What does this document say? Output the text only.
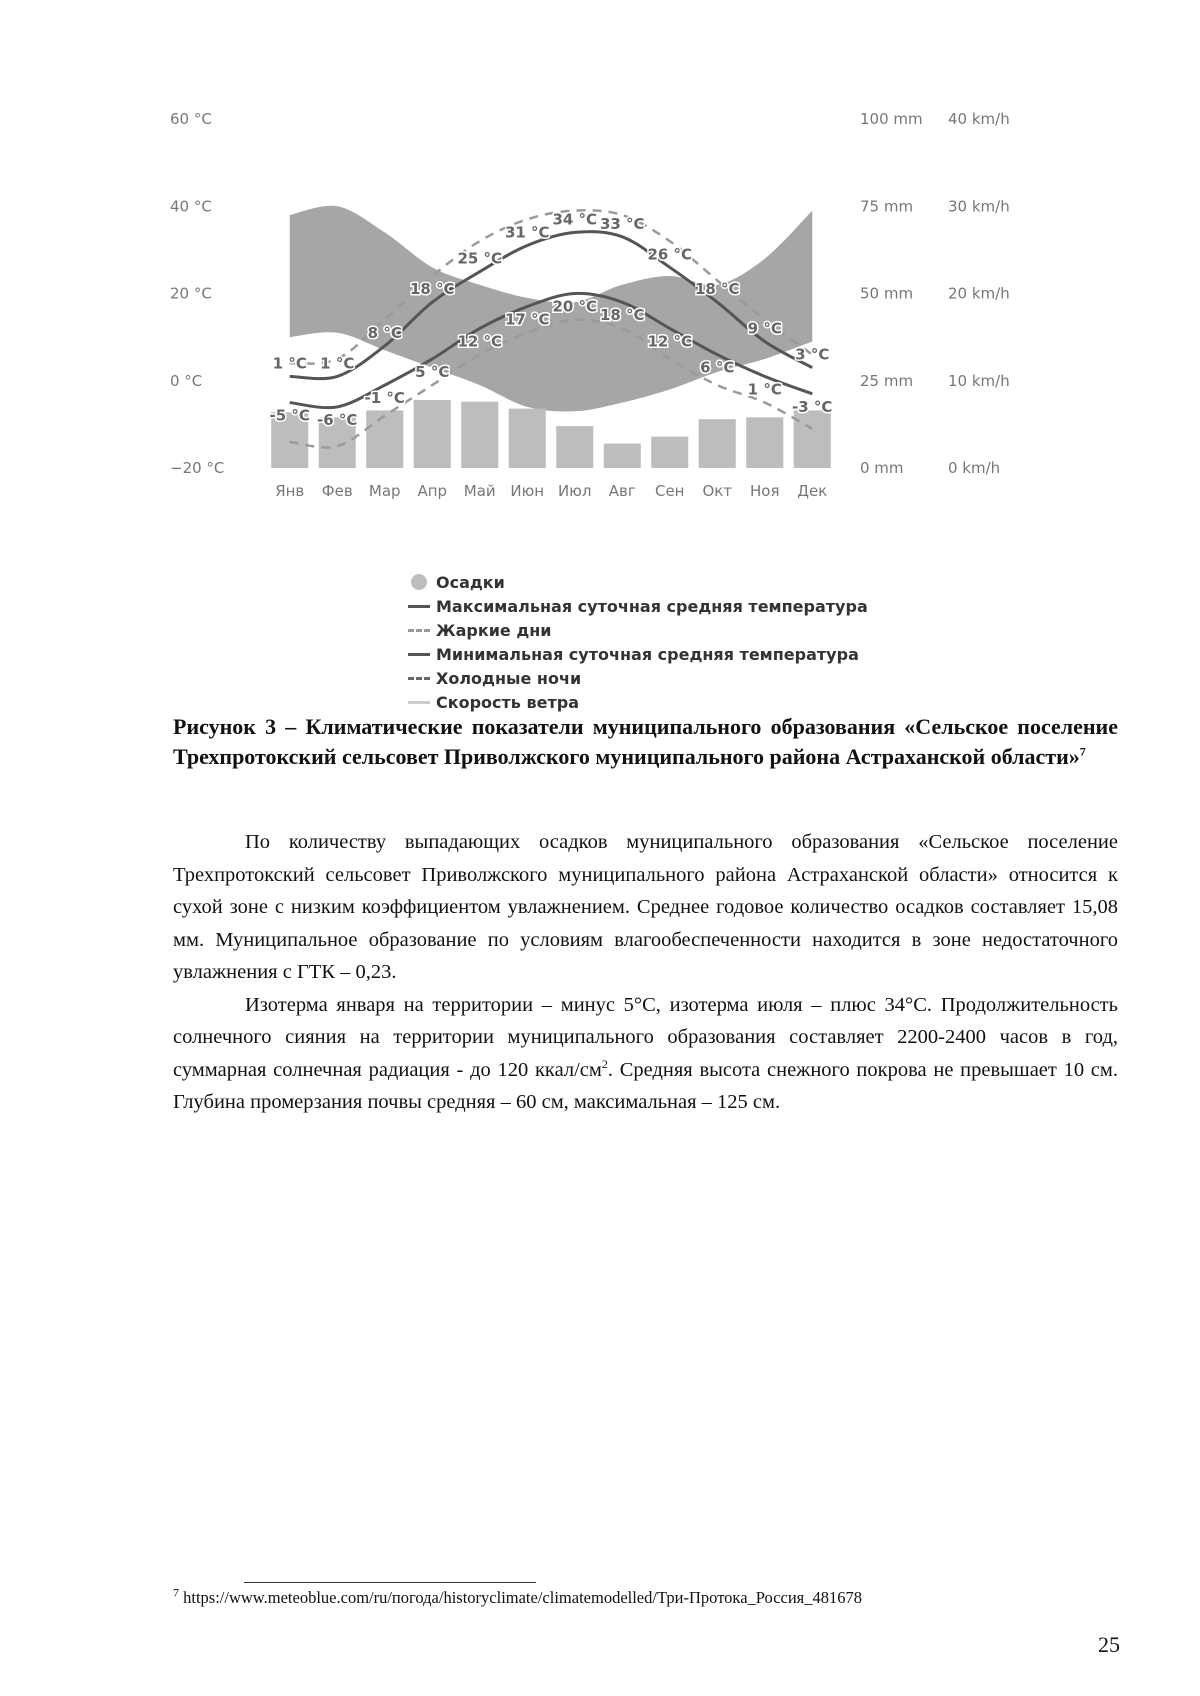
1 °C 1 °C
8 °C
18 °C
25 °C
31 °C
34 °C 33 °C
26 °C
18 °C
9 °C
3 °C
-5 °C -6 °C
-1 °C
5 °C
12 °C
17 °C
20 °C 18 °C
12 °C
6 °C
1 °C
-3 °C
60 °C
40 °C
20 °C
0 °C
−20 °C
100 mm
75 mm
50 mm
25 mm
0 mm
40 km/h
30 km/h
20 km/h
10 km/h
0 km/h
Янв Фев Мар Апр Май Июн Июл Авг Сен Окт Ноя Дек
Осадки
Максимальная суточная средняя температура
Жаркие дни
Минимальная суточная средняя температура
Холодные ночи
Скорость ветра
Рисунок 3 – Климатические показатели муниципального образования «Сельское поселение Трехпротокский сельсовет Приволжского муниципального района Астраханской области»$^7$

По количеству выпадающих осадков муниципального образования «Сельское поселение Трехпротокский сельсовет Приволжского муниципального района Астраханской области» относится к сухой зоне с низким коэффициентом увлажнением. Среднее годовое количество осадков составляет 15,08 мм. Муниципальное образование по условиям влагообеспеченности находится в зоне недостаточного увлажнения с ГТК – 0,23.

Изотерма января на территории – минус 5°С, изотерма июля – плюс 34°С. Продолжительность солнечного сияния на территории муниципального образования составляет 2200-2400 часов в год, суммарная солнечная радиация - до 120 ккал/$см^2$. Средняя высота снежного покрова не превышает 10 см. Глубина промерзания почвы средняя – 60 см, максимальная – 125 см.

$^7$ https://www.meteoblue.com/ru/погода/historyclimate/climatemodelled/Три-Протока_Россия_481678
25
